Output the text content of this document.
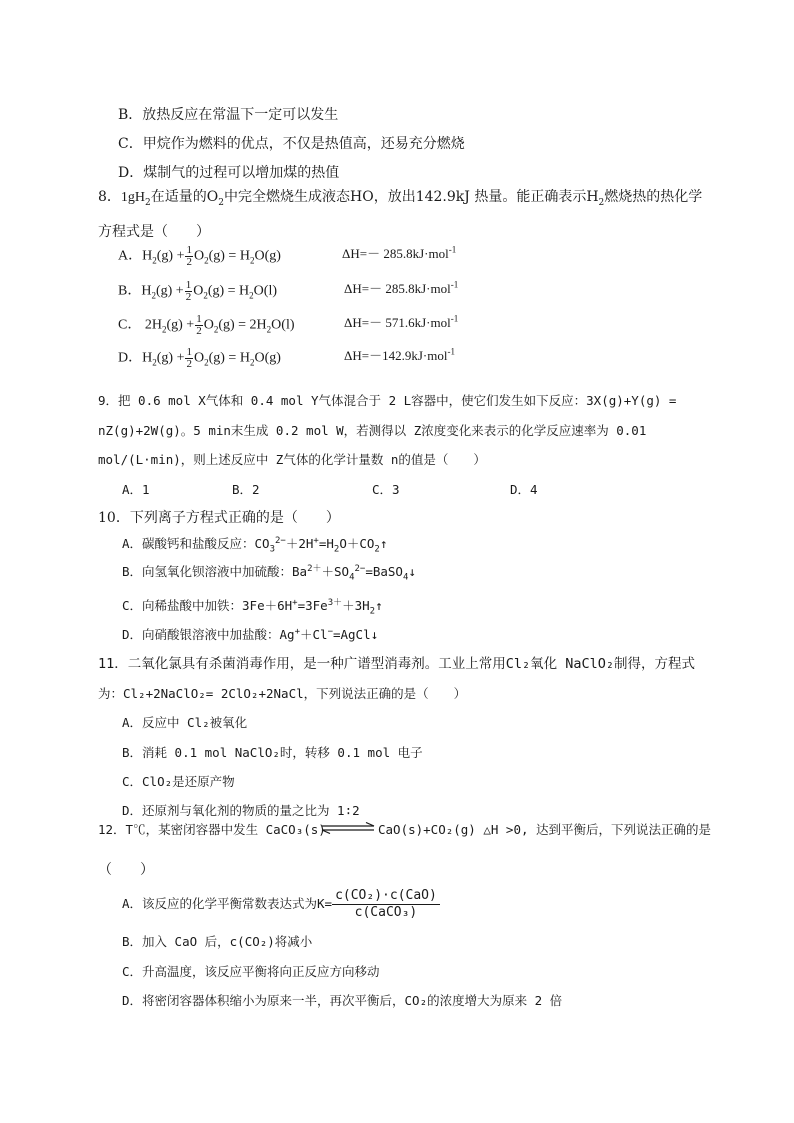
B．放热反应在常温下一定可以发生
C．甲烷作为燃料的优点，不仅是热值高，还易充分燃烧
D．煤制气的过程可以增加煤的热值
8．$1gH_2$在适量的$O_2$中完全燃烧生成液态HO，放出142.9kJ 热量。能正确表示$H_2$燃烧热的热化学
方程式是（　　）
A．$H_2(g) + \frac{1}{2} O_2(g) = H_2O(g)$	ΔH=－ 285.8kJ·mol$^{-1}$
B．$H_2(g) + \frac{1}{2} O_2(g) = H_2O(l)$	ΔH=－ 285.8kJ·mol$^{-1}$
C． $2H_2(g) + \frac{1}{2} O_2(g) = 2H_2O(l)$	ΔH=－ 571.6kJ·mol$^{-1}$
D．$H_2(g) + \frac{1}{2} O_2(g) = H_2O(g)$	ΔH=－142.9kJ·mol$^{-1}$
9．把 0.6 mol X气体和 0.4 mol Y气体混合于 2 L容器中，使它们发生如下反应：3X(g)+Y(g) =
nZ(g)+2W(g)。5 min末生成 0.2 mol W，若测得以 Z浓度变化来表示的化学反应速率为 0.01
mol/(L·min)，则上述反应中 Z气体的化学计量数 n的值是（　　）
A．1	B．2	C．3	D．4
10．下列离子方程式正确的是（　　）
A．碳酸钙和盐酸反应：$CO_3^{2-}+2H^+=H_2O+CO_2↑$
B．向氢氧化钡溶液中加硫酸：$Ba^{2+}+SO_4^{2-}=BaSO_4↓$
C．向稀盐酸中加铁：$3Fe+6H^+=3Fe^{3+}+3H_2↑$
D．向硝酸银溶液中加盐酸：Ag+＋Cl−=AgCl↓
11．二氧化氯具有杀菌消毒作用，是一种广谱型消毒剂。工业上常用Cl₂氧化 NaClO₂制得，方程式
为：Cl₂+2NaClO₂= 2ClO₂+2NaCl，下列说法正确的是（　　）
A．反应中 Cl₂被氧化
B．消耗 0.1 mol NaClO₂时，转移 0.1 mol 电子
C．ClO₂是还原产物
D．还原剂与氧化剂的物质的量之比为 1∶2
12．T℃，某密闭容器中发生 CaCO₃(s) ⇌ CaO(s)+CO₂(g) △H >0, 达到平衡后，下列说法正确的是
（　　）
A．该反应的化学平衡常数表达式为K=
c(CO₂)·c(CaO)
c(CaCO₃)
B．加入 CaO 后，c(CO₂)将减小
C．升高温度，该反应平衡将向正反应方向移动
D．将密闭容器体积缩小为原来一半，再次平衡后，CO₂的浓度增大为原来 2 倍
